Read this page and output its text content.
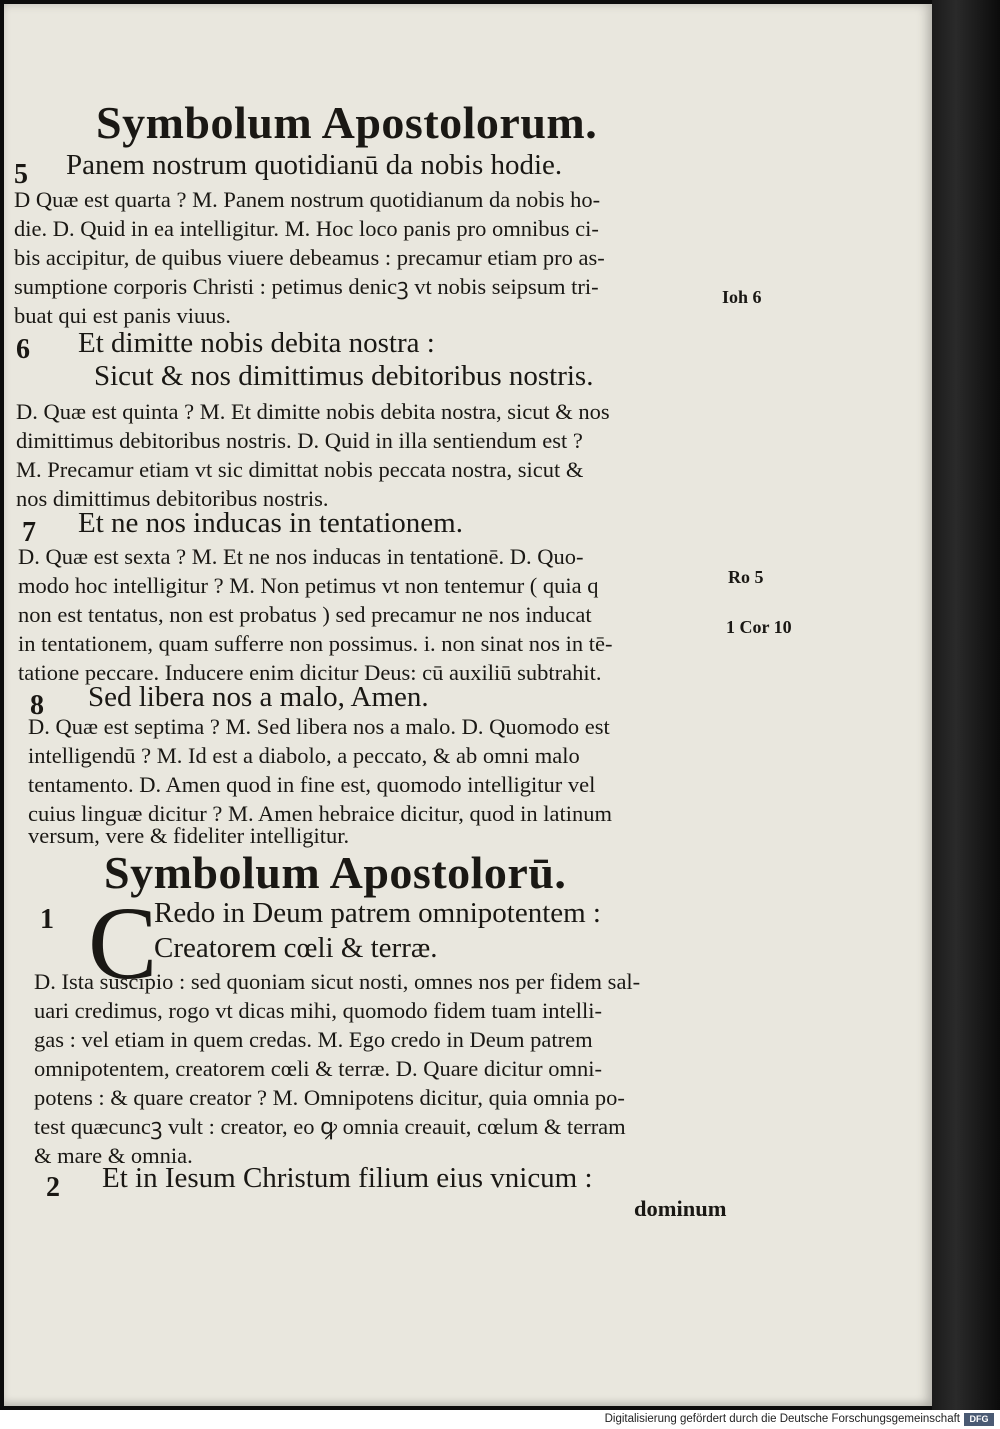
Symbolum Apostolorum.
5 Panem nostrum quotidianū da nobis hodie.
D Quæ est quarta ? M. Panem nostrum quotidianum da nobis ho-
die. D. Quid in ea intelligitur. M. Hoc loco panis pro omnibus ci-
bis accipitur, de quibus viuere debeamus : precamur etiam pro as-
sumptione corporis Christi : petimus denicꝫ vt nobis seipsum tri-
buat qui est panis viuus.
6 Et dimitte nobis debita nostra :
Sicut & nos dimittimus debitoribus nostris.
D. Quæ est quinta ? M. Et dimitte nobis debita nostra, sicut & nos
dimittimus debitoribus nostris. D. Quid in illa sentiendum est ?
M. Precamur etiam vt sic dimittat nobis peccata nostra, sicut &
nos dimittimus debitoribus nostris.
7 Et ne nos inducas in tentationem.
D. Quæ est sexta ? M. Et ne nos inducas in tentationē. D. Quo-
modo hoc intelligitur ? M. Non petimus vt non tentemur ( quia q
non est tentatus, non est probatus ) sed precamur ne nos inducat
in tentationem, quam sufferre non possimus. i. non sinat nos in tē-
tatione peccare. Inducere enim dicitur Deus: cū auxiliū subtrahit.
8 Sed libera nos a malo, Amen.
D. Quæ est septima ? M. Sed libera nos a malo. D. Quomodo est
intelligendū ? M. Id est a diabolo, a peccato, & ab omni malo
tentamento. D. Amen quod in fine est, quomodo intelligitur vel
cuius linguæ dicitur ? M. Amen hebraice dicitur, quod in latinum
versum, vere & fideliter intelligitur.
Symbolum Apostolorū.
1 C
Redo in Deum patrem omnipotentem :
Creatorem cœli & terræ.
D. Ista suscipio : sed quoniam sicut nosti, omnes nos per fidem sal-
uari credimus, rogo vt dicas mihi, quomodo fidem tuam intelli-
gas : vel etiam in quem credas. M. Ego credo in Deum patrem
omnipotentem, creatorem cœli & terræ. D. Quare dicitur omni-
potens : & quare creator ? M. Omnipotens dicitur, quia omnia po-
test quæcuncꝫ vult : creator, eo ꝙ omnia creauit, cœlum & terram
& mare & omnia.
2 Et in Iesum Christum filium eius vnicum :
dominum
Ioh 6
Ro 5
1 Cor 10
Digitalisierung gefördert durch die Deutsche Forschungsgemeinschaft	DFG
